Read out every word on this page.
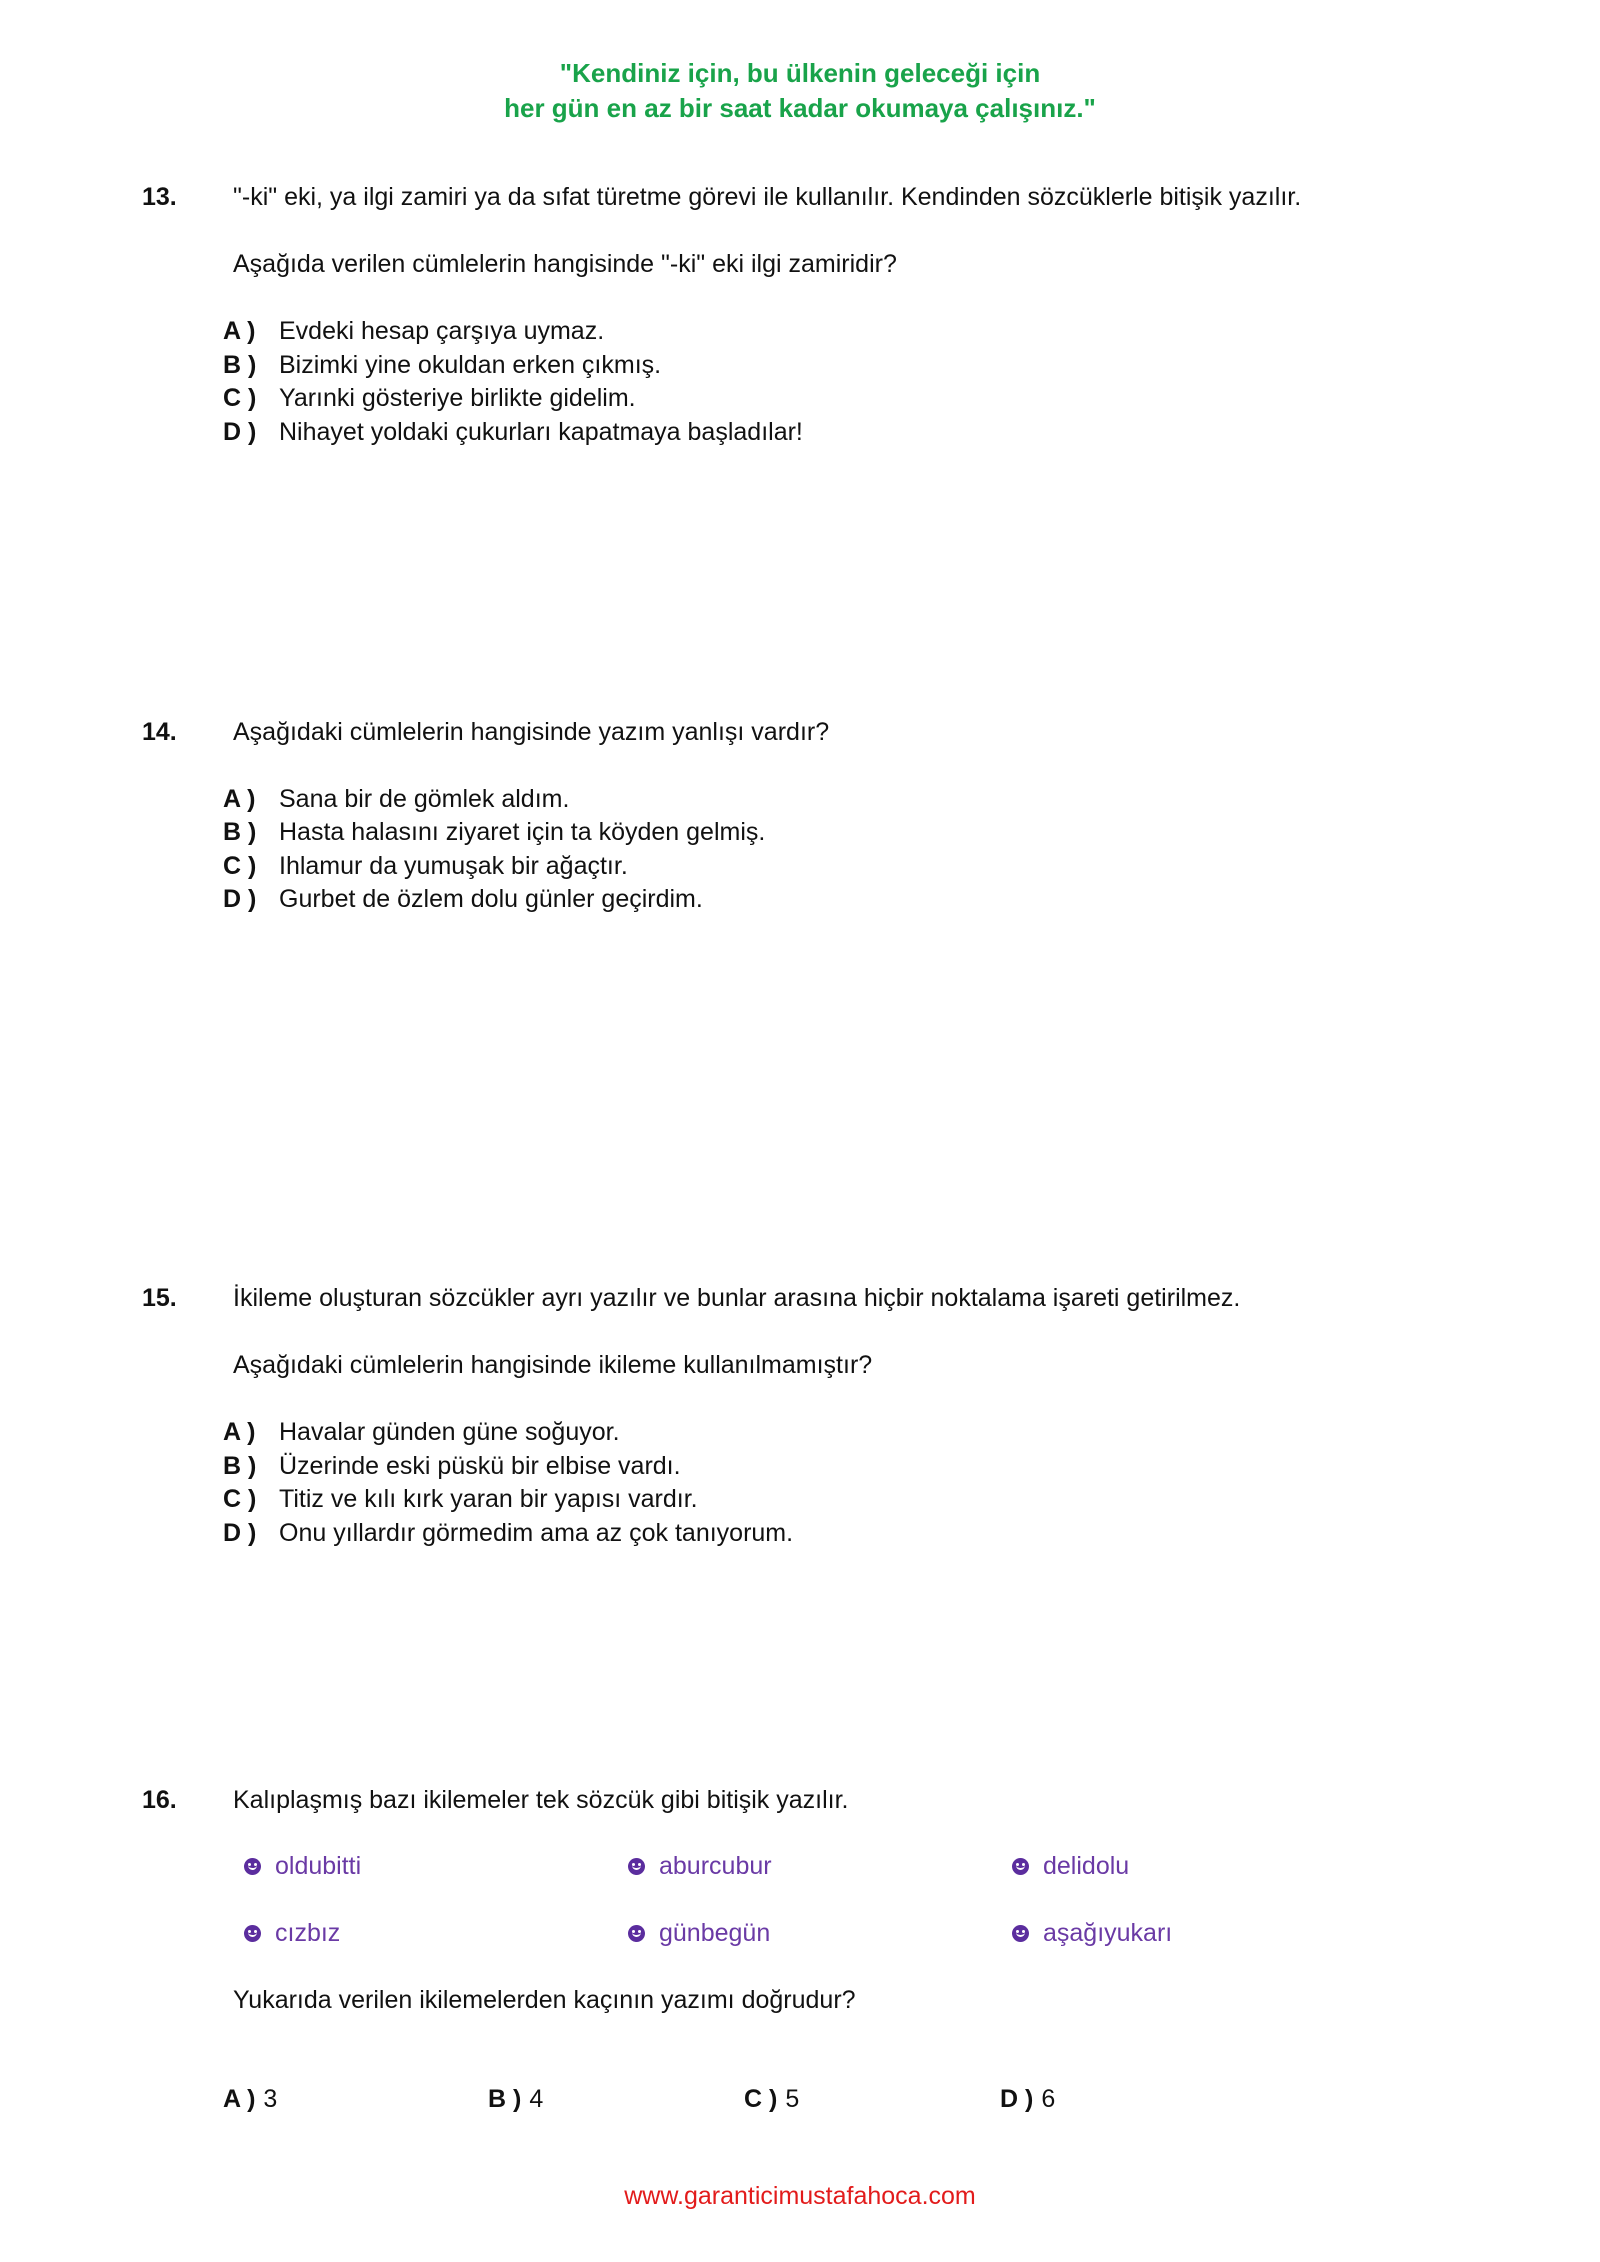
"Kendiniz için, bu ülkenin geleceği için
her gün en az bir saat kadar okumaya çalışınız."
13. "-ki" eki, ya ilgi zamiri ya da sıfat türetme görevi ile kullanılır. Kendinden sözcüklerle bitişik yazılır.
Aşağıda verilen cümlelerin hangisinde "-ki" eki ilgi zamiridir?
A ) Evdeki hesap çarşıya uymaz.
B ) Bizimki yine okuldan erken çıkmış.
C ) Yarınki gösteriye birlikte gidelim.
D ) Nihayet yoldaki çukurları kapatmaya başladılar!
14. Aşağıdaki cümlelerin hangisinde yazım yanlışı vardır?
A ) Sana bir de gömlek aldım.
B ) Hasta halasını ziyaret için ta köyden gelmiş.
C ) Ihlamur da yumuşak bir ağaçtır.
D ) Gurbet de özlem dolu günler geçirdim.
15. İkileme oluşturan sözcükler ayrı yazılır ve bunlar arasına hiçbir noktalama işareti getirilmez.
Aşağıdaki cümlelerin hangisinde ikileme kullanılmamıştır?
A ) Havalar günden güne soğuyor.
B ) Üzerinde eski püskü bir elbise vardı.
C ) Titiz ve kılı kırk yaran bir yapısı vardır.
D ) Onu yıllardır görmedim ama az çok tanıyorum.
16. Kalıplaşmış bazı ikilemeler tek sözcük gibi bitişik yazılır.
oldubitti	aburcubur	delidolu
cızbız	günbegün	aşağıyukarı
Yukarıda verilen ikilemelerden kaçının yazımı doğrudur?
A ) 3	B ) 4	C ) 5	D ) 6
www.garanticimustafahoca.com
